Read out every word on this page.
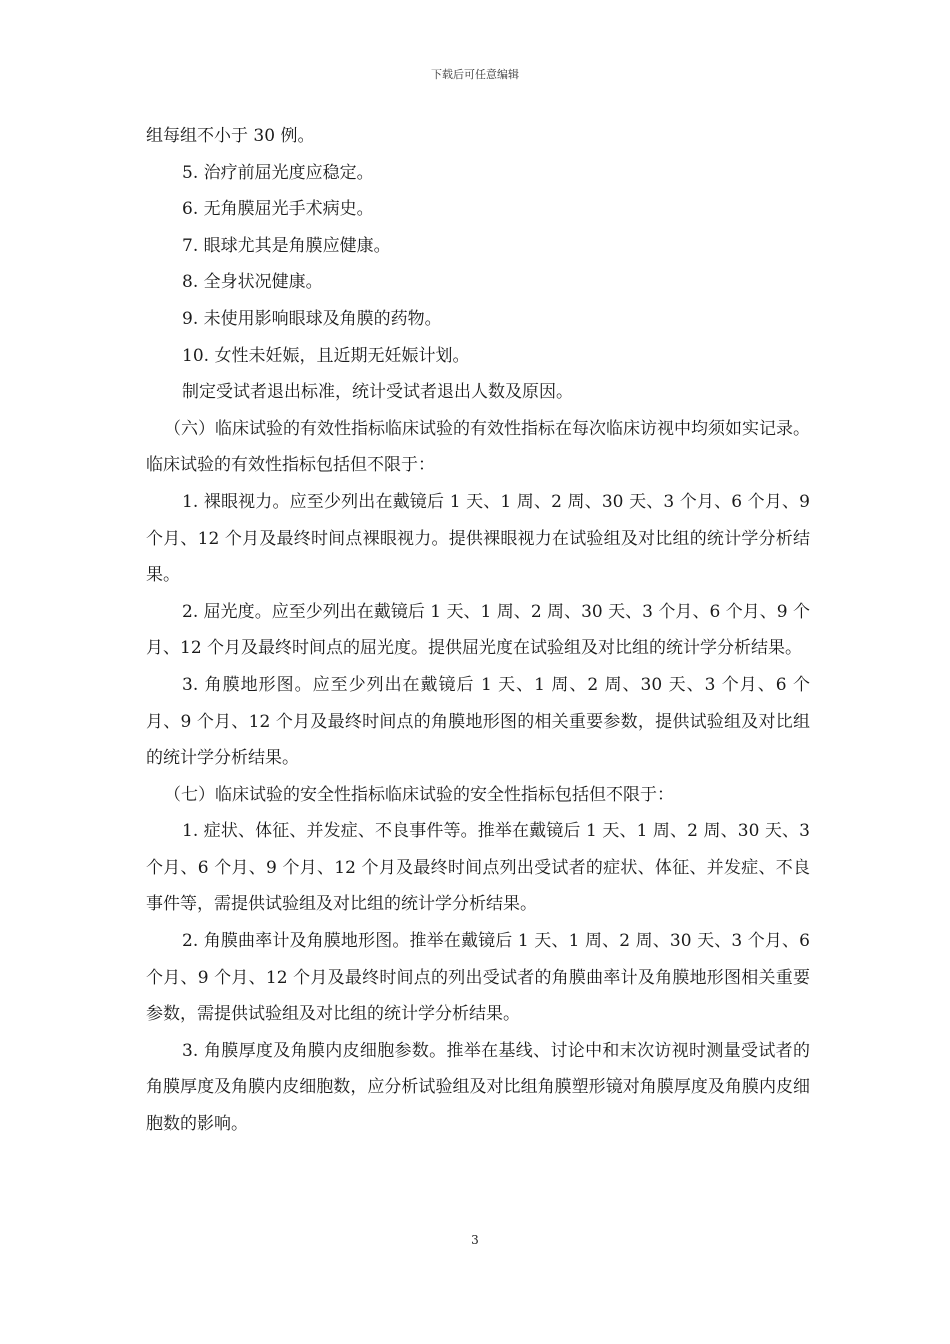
下载后可任意编辑

组每组不小于 30 例。

5. 治疗前屈光度应稳定。

6. 无角膜屈光手术病史。

7. 眼球尤其是角膜应健康。

8. 全身状况健康。

9. 未使用影响眼球及角膜的药物。

10. 女性未妊娠，且近期无妊娠计划。

制定受试者退出标准，统计受试者退出人数及原因。

（六）临床试验的有效性指标临床试验的有效性指标在每次临床访视中均须如实记录。临床试验的有效性指标包括但不限于：

1. 裸眼视力。应至少列出在戴镜后 1 天、1 周、2 周、30 天、3 个月、6 个月、9 个月、12 个月及最终时间点裸眼视力。提供裸眼视力在试验组及对比组的统计学分析结果。

2. 屈光度。应至少列出在戴镜后 1 天、1 周、2 周、30 天、3 个月、6 个月、9 个月、12 个月及最终时间点的屈光度。提供屈光度在试验组及对比组的统计学分析结果。

3. 角膜地形图。应至少列出在戴镜后 1 天、1 周、2 周、30 天、3 个月、6 个月、9 个月、12 个月及最终时间点的角膜地形图的相关重要参数，提供试验组及对比组的统计学分析结果。

（七）临床试验的安全性指标临床试验的安全性指标包括但不限于：

1. 症状、体征、并发症、不良事件等。推举在戴镜后 1 天、1 周、2 周、30 天、3 个月、6 个月、9 个月、12 个月及最终时间点列出受试者的症状、体征、并发症、不良事件等，需提供试验组及对比组的统计学分析结果。

2. 角膜曲率计及角膜地形图。推举在戴镜后 1 天、1 周、2 周、30 天、3 个月、6 个月、9 个月、12 个月及最终时间点的列出受试者的角膜曲率计及角膜地形图相关重要参数，需提供试验组及对比组的统计学分析结果。

3. 角膜厚度及角膜内皮细胞参数。推举在基线、讨论中和末次访视时测量受试者的角膜厚度及角膜内皮细胞数，应分析试验组及对比组角膜塑形镜对角膜厚度及角膜内皮细胞数的影响。

3
